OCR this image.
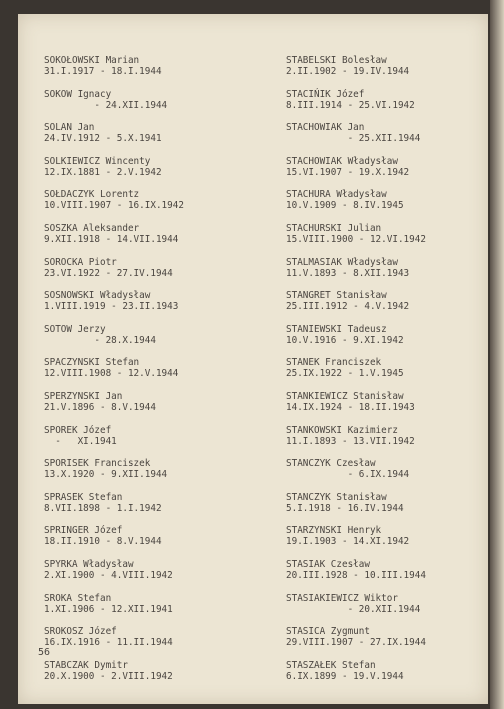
SOKOŁOWSKI Marian
31.I.1917 - 18.I.1944
SOKOW Ignacy
- 24.XII.1944
SOLAN Jan
24.IV.1912 - 5.X.1941
SOLKIEWICZ Wincenty
12.IX.1881 - 2.V.1942
SOŁDACZYK Lorentz
10.VIII.1907 - 16.IX.1942
SOSZKA Aleksander
9.XII.1918 - 14.VII.1944
SOROCKA Piotr
23.VI.1922 - 27.IV.1944
SOSNOWSKI Władysław
1.VIII.1919 - 23.II.1943
SOTOW Jerzy
- 28.X.1944
SPACZYNSKI Stefan
12.VIII.1908 - 12.V.1944
SPERZYNSKI Jan
21.V.1896 - 8.V.1944
SPOREK Józef
-   XI.1941
SPORISEK Franciszek
13.X.1920 - 9.XII.1944
SPRASEK Stefan
8.VII.1898 - 1.I.1942
SPRINGER Józef
18.II.1910 - 8.V.1944
SPYRKA Władysław
2.XI.1900 - 4.VIII.1942
SROKA Stefan
1.XI.1906 - 12.XII.1941
SROKOSZ Józef
16.IX.1916 - 11.II.1944
STABCZAK Dymitr
20.X.1900 - 2.VIII.1942
STABELSKI Bolesław
2.II.1902 - 19.IV.1944
STACIŃIK Józef
8.III.1914 - 25.VI.1942
STACHOWIAK Jan
- 25.XII.1944
STACHOWIAK Władysław
15.VI.1907 - 19.X.1942
STACHURA Władysław
10.V.1909 - 8.IV.1945
STACHURSKI Julian
15.VIII.1900 - 12.VI.1942
STALMASIAK Władysław
11.V.1893 - 8.XII.1943
STANGRET Stanisław
25.III.1912 - 4.V.1942
STANIEWSKI Tadeusz
10.V.1916 - 9.XI.1942
STANEK Franciszek
25.IX.1922 - 1.V.1945
STANKIEWICZ Stanisław
14.IX.1924 - 18.II.1943
STANKOWSKI Kazimierz
11.I.1893 - 13.VII.1942
STANCZYK Czesław
- 6.IX.1944
STANCZYK Stanisław
5.I.1918 - 16.IV.1944
STARZYNSKI Henryk
19.I.1903 - 14.XI.1942
STASIAK Czesław
20.III.1928 - 10.III.1944
STASIAKIEWICZ Wiktor
- 20.XII.1944
STASICA Zygmunt
29.VIII.1907 - 27.IX.1944
STASZAŁEK Stefan
6.IX.1899 - 19.V.1944
56
